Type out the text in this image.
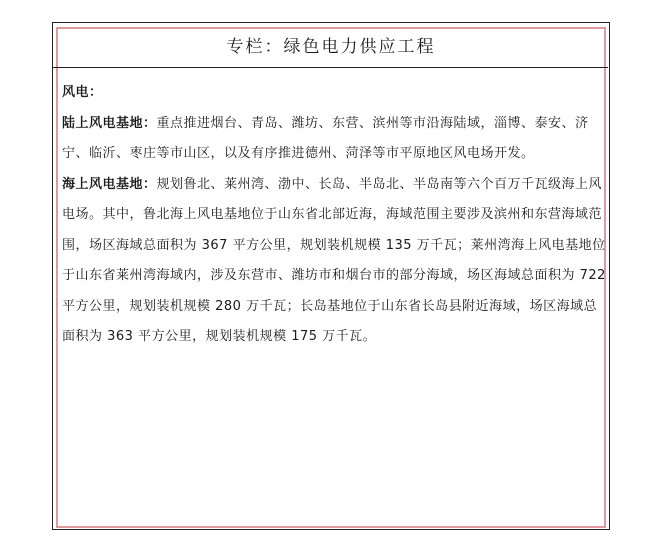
专栏：绿色电力供应工程

风电：

陆上风电基地：重点推进烟台、青岛、潍坊、东营、滨州等市沿海陆域，淄博、泰安、济宁、临沂、枣庄等市山区，以及有序推进德州、菏泽等市平原地区风电场开发。

海上风电基地：规划鲁北、莱州湾、渤中、长岛、半岛北、半岛南等六个百万千瓦级海上风电场。其中，鲁北海上风电基地位于山东省北部近海，海域范围主要涉及滨州和东营海域范围，场区海域总面积为 367 平方公里，规划装机规模 135 万千瓦；莱州湾海上风电基地位于山东省莱州湾海域内，涉及东营市、潍坊市和烟台市的部分海域，场区海域总面积为 722 平方公里，规划装机规模 280 万千瓦；长岛基地位于山东省长岛县附近海域，场区海域总面积为 363 平方公里，规划装机规模 175 万千瓦。
